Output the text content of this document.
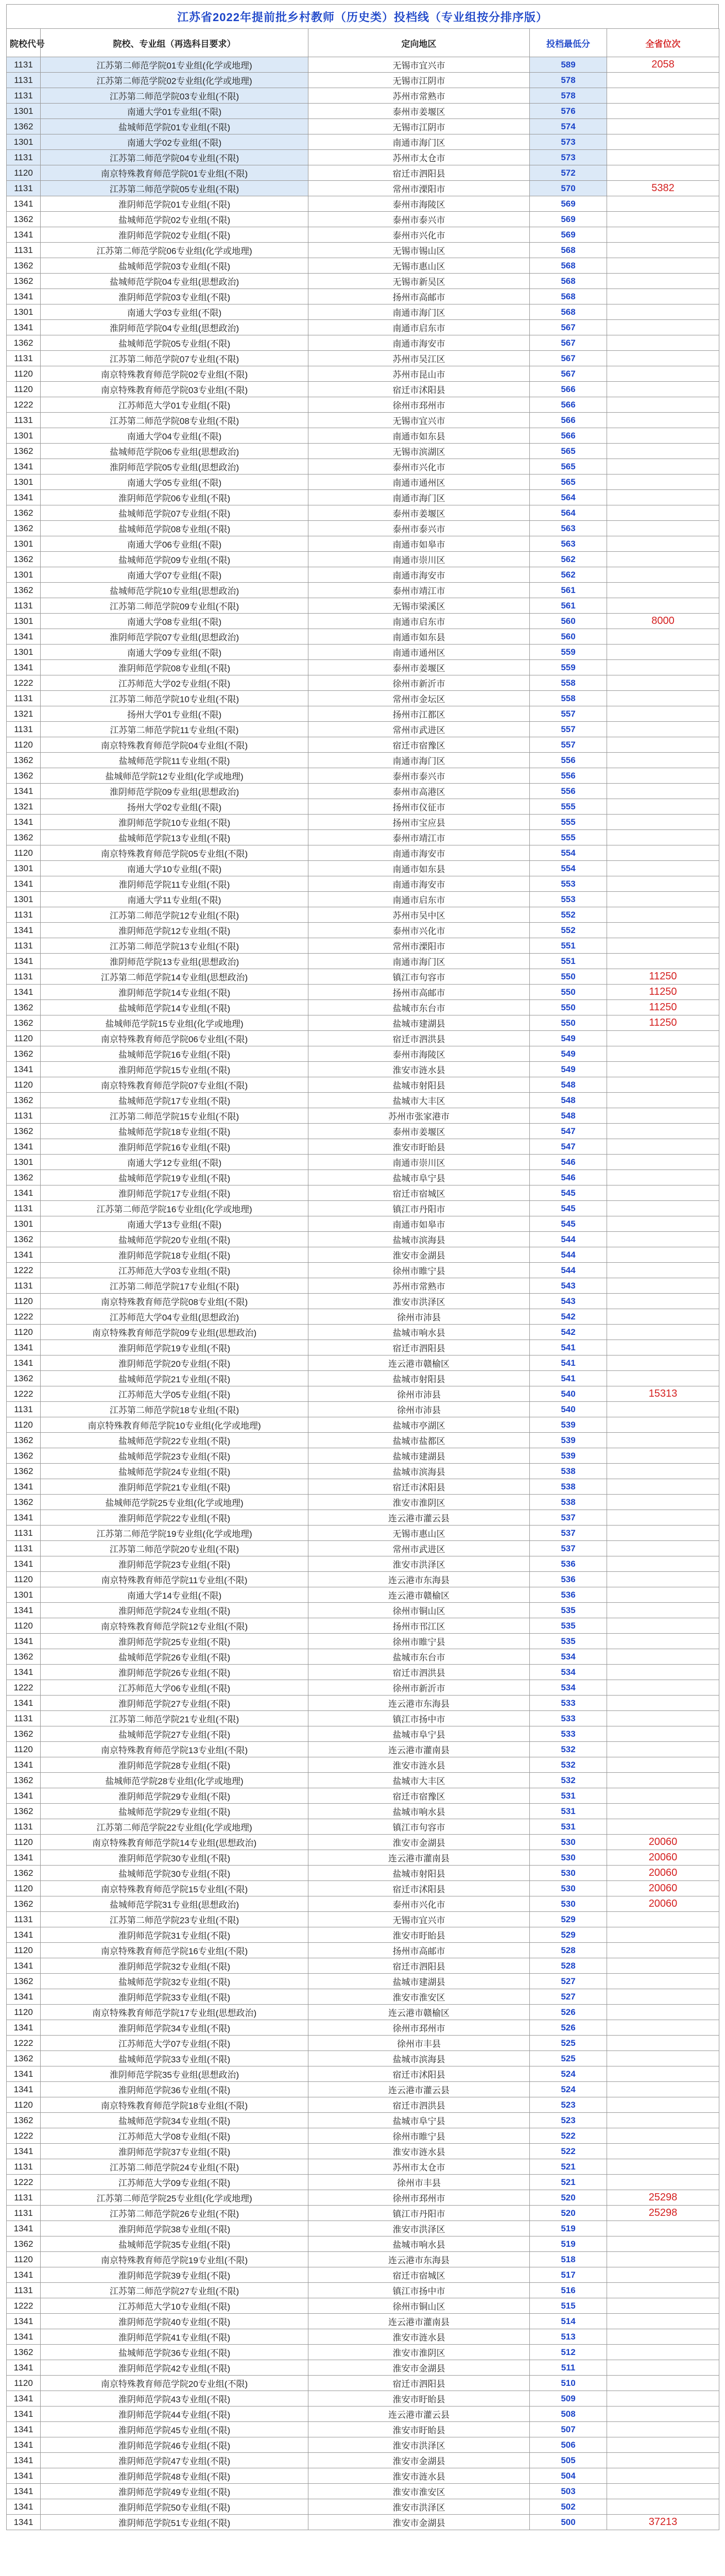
江苏省2022年提前批乡村教师（历史类）投档线（专业组按分排序版）
院校代号	院校、专业组（再选科目要求）	定向地区	投档最低分	全省位次
1131	江苏第二师范学院01专业组(化学或地理)	无锡市宜兴市	589	2058
1131	江苏第二师范学院02专业组(化学或地理)	无锡市江阴市	578	
1131	江苏第二师范学院03专业组(不限)	苏州市常熟市	578	
1301	南通大学01专业组(不限)	泰州市姜堰区	576	
1362	盐城师范学院01专业组(不限)	无锡市江阴市	574	
1301	南通大学02专业组(不限)	南通市海门区	573	
1131	江苏第二师范学院04专业组(不限)	苏州市太仓市	573	
1120	南京特殊教育师范学院01专业组(不限)	宿迁市泗阳县	572	
1131	江苏第二师范学院05专业组(不限)	常州市溧阳市	570	5382
1341	淮阴师范学院01专业组(不限)	泰州市海陵区	569	
1362	盐城师范学院02专业组(不限)	泰州市泰兴市	569	
1341	淮阴师范学院02专业组(不限)	泰州市兴化市	569	
1131	江苏第二师范学院06专业组(化学或地理)	无锡市锡山区	568	
1362	盐城师范学院03专业组(不限)	无锡市惠山区	568	
1362	盐城师范学院04专业组(思想政治)	无锡市新吴区	568	
1341	淮阴师范学院03专业组(不限)	扬州市高邮市	568	
1301	南通大学03专业组(不限)	南通市海门区	568	
1341	淮阴师范学院04专业组(思想政治)	南通市启东市	567	
1362	盐城师范学院05专业组(不限)	南通市海安市	567	
1131	江苏第二师范学院07专业组(不限)	苏州市吴江区	567	
1120	南京特殊教育师范学院02专业组(不限)	苏州市昆山市	567	
1120	南京特殊教育师范学院03专业组(不限)	宿迁市沭阳县	566	
1222	江苏师范大学01专业组(不限)	徐州市邳州市	566	
1131	江苏第二师范学院08专业组(不限)	无锡市宜兴市	566	
1301	南通大学04专业组(不限)	南通市如东县	566	
1362	盐城师范学院06专业组(思想政治)	无锡市滨湖区	565	
1341	淮阴师范学院05专业组(思想政治)	泰州市兴化市	565	
1301	南通大学05专业组(不限)	南通市通州区	565	
1341	淮阴师范学院06专业组(不限)	南通市海门区	564	
1362	盐城师范学院07专业组(不限)	泰州市姜堰区	564	
1362	盐城师范学院08专业组(不限)	泰州市泰兴市	563	
1301	南通大学06专业组(不限)	南通市如皋市	563	
1362	盐城师范学院09专业组(不限)	南通市崇川区	562	
1301	南通大学07专业组(不限)	南通市海安市	562	
1362	盐城师范学院10专业组(思想政治)	泰州市靖江市	561	
1131	江苏第二师范学院09专业组(不限)	无锡市梁溪区	561	
1301	南通大学08专业组(不限)	南通市启东市	560	8000
1341	淮阴师范学院07专业组(思想政治)	南通市如东县	560	
1301	南通大学09专业组(不限)	南通市通州区	559	
1341	淮阴师范学院08专业组(不限)	泰州市姜堰区	559	
1222	江苏师范大学02专业组(不限)	徐州市新沂市	558	
1131	江苏第二师范学院10专业组(不限)	常州市金坛区	558	
1321	扬州大学01专业组(不限)	扬州市江都区	557	
1131	江苏第二师范学院11专业组(不限)	常州市武进区	557	
1120	南京特殊教育师范学院04专业组(不限)	宿迁市宿豫区	557	
1362	盐城师范学院11专业组(不限)	南通市海门区	556	
1362	盐城师范学院12专业组(化学或地理)	泰州市泰兴市	556	
1341	淮阴师范学院09专业组(思想政治)	泰州市高港区	556	
1321	扬州大学02专业组(不限)	扬州市仪征市	555	
1341	淮阴师范学院10专业组(不限)	扬州市宝应县	555	
1362	盐城师范学院13专业组(不限)	泰州市靖江市	555	
1120	南京特殊教育师范学院05专业组(不限)	南通市海安市	554	
1301	南通大学10专业组(不限)	南通市如东县	554	
1341	淮阴师范学院11专业组(不限)	南通市海安市	553	
1301	南通大学11专业组(不限)	南通市启东市	553	
1131	江苏第二师范学院12专业组(不限)	苏州市吴中区	552	
1341	淮阴师范学院12专业组(不限)	泰州市兴化市	552	
1131	江苏第二师范学院13专业组(不限)	常州市溧阳市	551	
1341	淮阴师范学院13专业组(思想政治)	南通市海门区	551	
1131	江苏第二师范学院14专业组(思想政治)	镇江市句容市	550	11250
1341	淮阴师范学院14专业组(不限)	扬州市高邮市	550	11250
1362	盐城师范学院14专业组(不限)	盐城市东台市	550	11250
1362	盐城师范学院15专业组(化学或地理)	盐城市建湖县	550	11250
1120	南京特殊教育师范学院06专业组(不限)	宿迁市泗洪县	549	
1362	盐城师范学院16专业组(不限)	泰州市海陵区	549	
1341	淮阴师范学院15专业组(不限)	淮安市涟水县	549	
1120	南京特殊教育师范学院07专业组(不限)	盐城市射阳县	548	
1362	盐城师范学院17专业组(不限)	盐城市大丰区	548	
1131	江苏第二师范学院15专业组(不限)	苏州市张家港市	548	
1362	盐城师范学院18专业组(不限)	泰州市姜堰区	547	
1341	淮阴师范学院16专业组(不限)	淮安市盱眙县	547	
1301	南通大学12专业组(不限)	南通市崇川区	546	
1362	盐城师范学院19专业组(不限)	盐城市阜宁县	546	
1341	淮阴师范学院17专业组(不限)	宿迁市宿城区	545	
1131	江苏第二师范学院16专业组(化学或地理)	镇江市丹阳市	545	
1301	南通大学13专业组(不限)	南通市如皋市	545	
1362	盐城师范学院20专业组(不限)	盐城市滨海县	544	
1341	淮阴师范学院18专业组(不限)	淮安市金湖县	544	
1222	江苏师范大学03专业组(不限)	徐州市睢宁县	544	
1131	江苏第二师范学院17专业组(不限)	苏州市常熟市	543	
1120	南京特殊教育师范学院08专业组(不限)	淮安市洪泽区	543	
1222	江苏师范大学04专业组(思想政治)	徐州市沛县	542	
1120	南京特殊教育师范学院09专业组(思想政治)	盐城市响水县	542	
1341	淮阴师范学院19专业组(不限)	宿迁市泗阳县	541	
1341	淮阴师范学院20专业组(不限)	连云港市赣榆区	541	
1362	盐城师范学院21专业组(不限)	盐城市射阳县	541	
1222	江苏师范大学05专业组(不限)	徐州市沛县	540	15313
1131	江苏第二师范学院18专业组(不限)	徐州市沛县	540	
1120	南京特殊教育师范学院10专业组(化学或地理)	盐城市亭湖区	539	
1362	盐城师范学院22专业组(不限)	盐城市盐都区	539	
1362	盐城师范学院23专业组(不限)	盐城市建湖县	539	
1362	盐城师范学院24专业组(不限)	盐城市滨海县	538	
1341	淮阴师范学院21专业组(不限)	宿迁市沭阳县	538	
1362	盐城师范学院25专业组(化学或地理)	淮安市淮阴区	538	
1341	淮阴师范学院22专业组(不限)	连云港市灌云县	537	
1131	江苏第二师范学院19专业组(化学或地理)	无锡市惠山区	537	
1131	江苏第二师范学院20专业组(不限)	常州市武进区	537	
1341	淮阴师范学院23专业组(不限)	淮安市洪泽区	536	
1120	南京特殊教育师范学院11专业组(不限)	连云港市东海县	536	
1301	南通大学14专业组(不限)	连云港市赣榆区	536	
1341	淮阴师范学院24专业组(不限)	徐州市铜山区	535	
1120	南京特殊教育师范学院12专业组(不限)	扬州市邗江区	535	
1341	淮阴师范学院25专业组(不限)	徐州市睢宁县	535	
1362	盐城师范学院26专业组(不限)	盐城市东台市	534	
1341	淮阴师范学院26专业组(不限)	宿迁市泗洪县	534	
1222	江苏师范大学06专业组(不限)	徐州市新沂市	534	
1341	淮阴师范学院27专业组(不限)	连云港市东海县	533	
1131	江苏第二师范学院21专业组(不限)	镇江市扬中市	533	
1362	盐城师范学院27专业组(不限)	盐城市阜宁县	533	
1120	南京特殊教育师范学院13专业组(不限)	连云港市灌南县	532	
1341	淮阴师范学院28专业组(不限)	淮安市涟水县	532	
1362	盐城师范学院28专业组(化学或地理)	盐城市大丰区	532	
1341	淮阴师范学院29专业组(不限)	宿迁市宿豫区	531	
1362	盐城师范学院29专业组(不限)	盐城市响水县	531	
1131	江苏第二师范学院22专业组(化学或地理)	镇江市句容市	531	
1120	南京特殊教育师范学院14专业组(思想政治)	淮安市金湖县	530	20060
1341	淮阴师范学院30专业组(不限)	连云港市灌南县	530	20060
1362	盐城师范学院30专业组(不限)	盐城市射阳县	530	20060
1120	南京特殊教育师范学院15专业组(不限)	宿迁市沭阳县	530	20060
1362	盐城师范学院31专业组(思想政治)	泰州市兴化市	530	20060
1131	江苏第二师范学院23专业组(不限)	无锡市宜兴市	529	
1341	淮阴师范学院31专业组(不限)	淮安市盱眙县	529	
1120	南京特殊教育师范学院16专业组(不限)	扬州市高邮市	528	
1341	淮阴师范学院32专业组(不限)	宿迁市泗阳县	528	
1362	盐城师范学院32专业组(不限)	盐城市建湖县	527	
1341	淮阴师范学院33专业组(不限)	淮安市淮安区	527	
1120	南京特殊教育师范学院17专业组(思想政治)	连云港市赣榆区	526	
1341	淮阴师范学院34专业组(不限)	徐州市邳州市	526	
1222	江苏师范大学07专业组(不限)	徐州市丰县	525	
1362	盐城师范学院33专业组(不限)	盐城市滨海县	525	
1341	淮阴师范学院35专业组(思想政治)	宿迁市沭阳县	524	
1341	淮阴师范学院36专业组(不限)	连云港市灌云县	524	
1120	南京特殊教育师范学院18专业组(不限)	宿迁市泗洪县	523	
1362	盐城师范学院34专业组(不限)	盐城市阜宁县	523	
1222	江苏师范大学08专业组(不限)	徐州市睢宁县	522	
1341	淮阴师范学院37专业组(不限)	淮安市涟水县	522	
1131	江苏第二师范学院24专业组(不限)	苏州市太仓市	521	
1222	江苏师范大学09专业组(不限)	徐州市丰县	521	
1131	江苏第二师范学院25专业组(化学或地理)	徐州市邳州市	520	25298
1131	江苏第二师范学院26专业组(不限)	镇江市丹阳市	520	25298
1341	淮阴师范学院38专业组(不限)	淮安市洪泽区	519	
1362	盐城师范学院35专业组(不限)	盐城市响水县	519	
1120	南京特殊教育师范学院19专业组(不限)	连云港市东海县	518	
1341	淮阴师范学院39专业组(不限)	宿迁市宿城区	517	
1131	江苏第二师范学院27专业组(不限)	镇江市扬中市	516	
1222	江苏师范大学10专业组(不限)	徐州市铜山区	515	
1341	淮阴师范学院40专业组(不限)	连云港市灌南县	514	
1341	淮阴师范学院41专业组(不限)	淮安市涟水县	513	
1362	盐城师范学院36专业组(不限)	淮安市淮阴区	512	
1341	淮阴师范学院42专业组(不限)	淮安市金湖县	511	
1120	南京特殊教育师范学院20专业组(不限)	宿迁市泗阳县	510	
1341	淮阴师范学院43专业组(不限)	淮安市盱眙县	509	
1341	淮阴师范学院44专业组(不限)	连云港市灌云县	508	
1341	淮阴师范学院45专业组(不限)	淮安市盱眙县	507	
1341	淮阴师范学院46专业组(不限)	淮安市洪泽区	506	
1341	淮阴师范学院47专业组(不限)	淮安市金湖县	505	
1341	淮阴师范学院48专业组(不限)	淮安市涟水县	504	
1341	淮阴师范学院49专业组(不限)	淮安市淮安区	503	
1341	淮阴师范学院50专业组(不限)	淮安市洪泽区	502	
1341	淮阴师范学院51专业组(不限)	淮安市金湖县	500	37213
